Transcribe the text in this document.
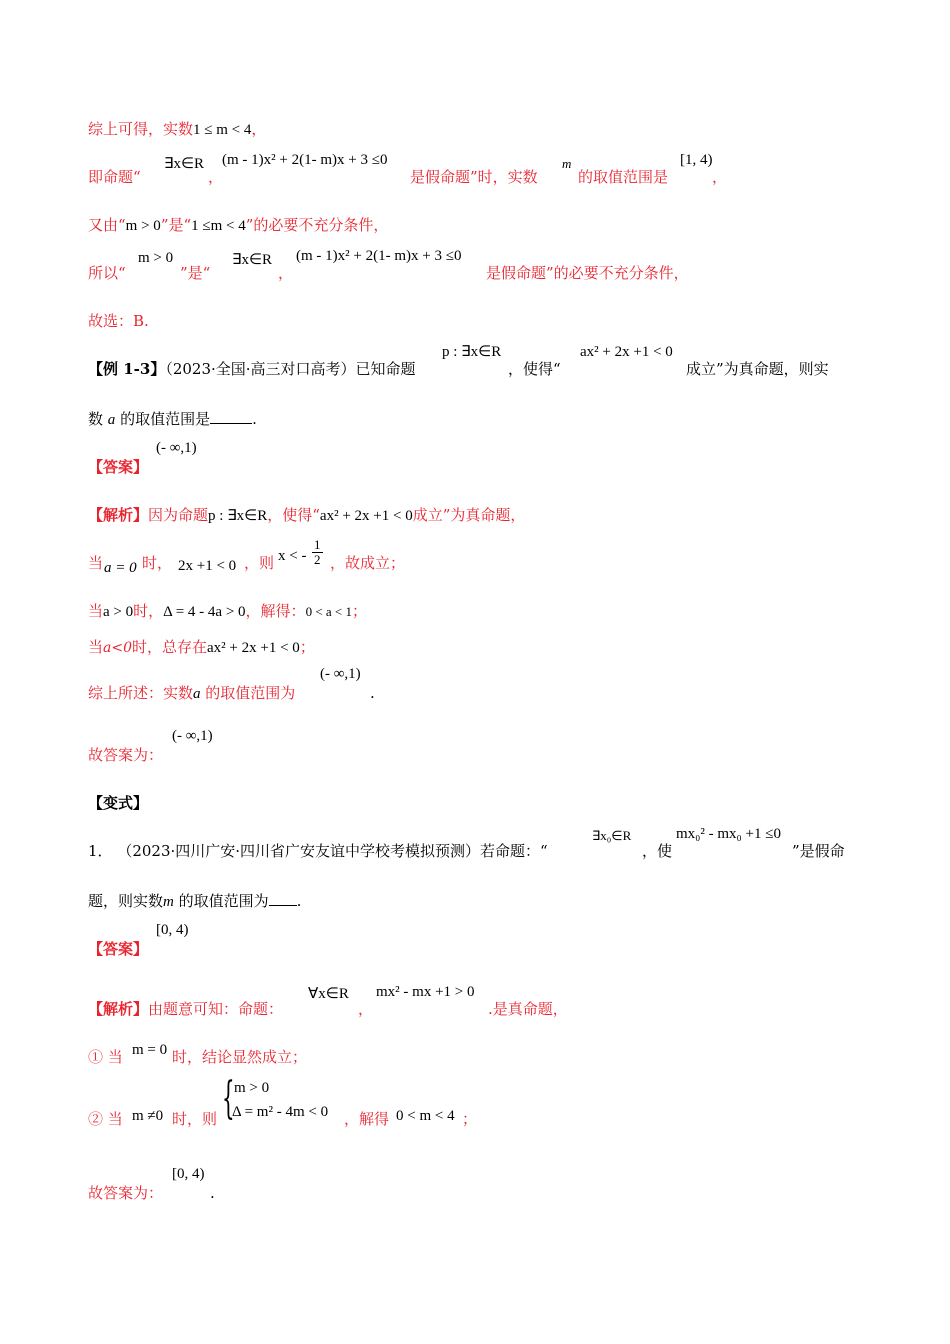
综上可得，实数1 ≤ m < 4，
即命题“
∃x∈R
，
(m - 1)x² + 2(1- m)x + 3 ≤0
是假命题”时，实数
m
的取值范围是
[1, 4)
，
又由“m > 0”是“1 ≤m < 4”的必要不充分条件，
所以“
m > 0
”是“
∃x∈R
，
(m - 1)x² + 2(1- m)x + 3 ≤0
是假命题”的必要不充分条件，
故选：B.
【例 1-3】（2023·全国·高三对口高考）已知命题
p : ∃x∈R
，使得“
ax² + 2x +1 < 0
成立”为真命题，则实
数 a 的取值范围是	.
【答案】
(- ∞,1)
【解析】因为命题p : ∃x∈R，使得“ax² + 2x +1 < 0成立”为真命题，
当 a = 0 时， 2x +1 < 0 ，则 x < - $\frac{1}{2}$ ，故成立；
当a > 0时，Δ = 4 - 4a > 0，解得：0 < a < 1；
当a<0时，总存在ax² + 2x +1 < 0；
综上所述：实数a 的取值范围为
(- ∞,1)
.
故答案为：
(- ∞,1)
【变式】
1． （2023·四川广安·四川省广安友谊中学校考模拟预测）若命题：“
∃x₀∈R
，使
mx₀² - mx₀ +1 ≤0
”是假命
题，则实数m 的取值范围为 .
【答案】
[0, 4)
【解析】由题意可知：命题：
∀x∈R
，
mx² - mx +1 > 0
.是真命题，
① 当 m = 0 时，结论显然成立；
② 当 m ≠0 时，则 { m > 0
Δ = m² - 4m < 0 ，解得 0 < m < 4 ；
故答案为：
[0, 4)
.
